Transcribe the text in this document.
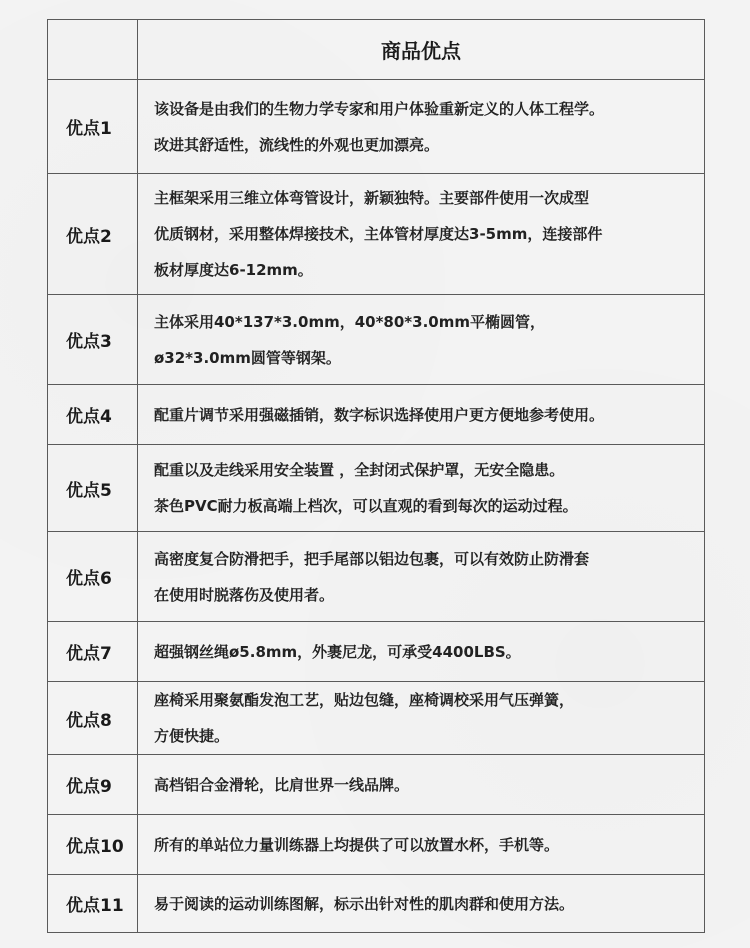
	商品优点
优点1	该设备是由我们的生物力学专家和用户体验重新定义的人体工程学。
改进其舒适性，流线性的外观也更加漂亮。

优点2	主框架采用三维立体弯管设计，新颖独特。主要部件使用一次成型
优质钢材，采用整体焊接技术，主体管材厚度达3-5mm，连接部件
板材厚度达6-12mm。

优点3	主体采用40*137*3.0mm，40*80*3.0mm平椭圆管，
ø32*3.0mm圆管等钢架。

优点4	配重片调节采用强磁插销，数字标识选择使用户更方便地参考使用。

优点5	配重以及走线采用安全装置 ，全封闭式保护罩，无安全隐患。
茶色PVC耐力板高端上档次，可以直观的看到每次的运动过程。

优点6	高密度复合防滑把手，把手尾部以铝边包裹，可以有效防止防滑套
在使用时脱落伤及使用者。

优点7	超强钢丝绳ø5.8mm，外裹尼龙，可承受4400LBS。

优点8	座椅采用聚氨酯发泡工艺，贴边包缝，座椅调校采用气压弹簧，
方便快捷。

优点9	高档铝合金滑轮，比肩世界一线品牌。

优点10	所有的单站位力量训练器上均提供了可以放置水杯，手机等。

优点11	易于阅读的运动训练图解，标示出针对性的肌肉群和使用方法。
